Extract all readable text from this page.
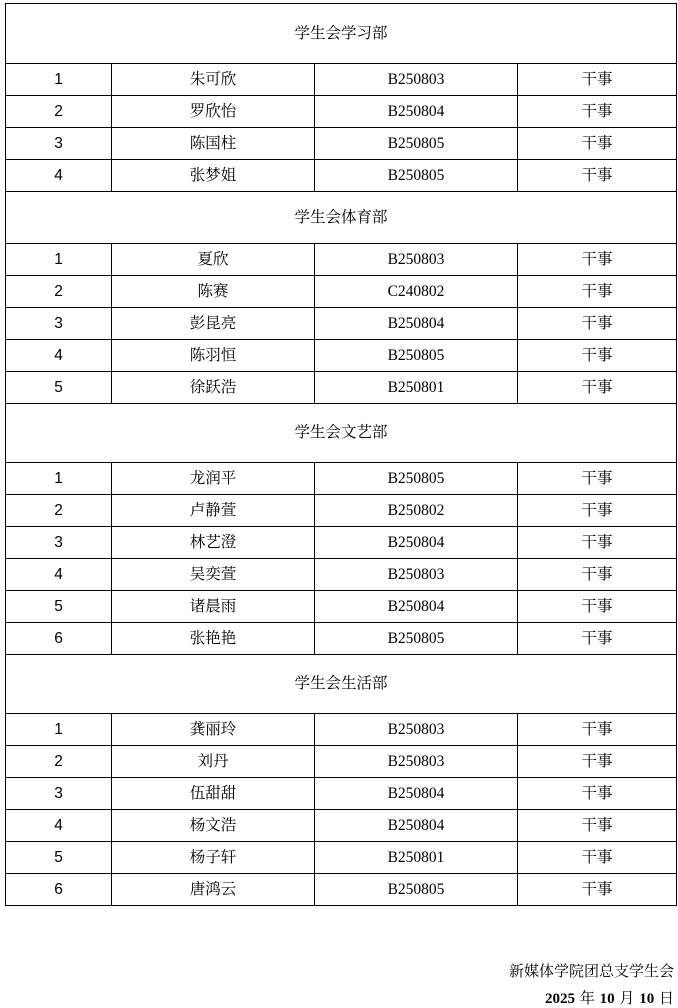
学生会学习部			
1	朱可欣	B250803	干事
2	罗欣怡	B250804	干事
3	陈国柱	B250805	干事
4	张梦姐	B250805	干事
学生会体育部			
1	夏欣	B250803	干事
2	陈赛	C240802	干事
3	彭昆亮	B250804	干事
4	陈羽恒	B250805	干事
5	徐跃浩	B250801	干事
学生会文艺部			
1	龙润平	B250805	干事
2	卢静萱	B250802	干事
3	林艺澄	B250804	干事
4	吴奕萱	B250803	干事
5	诸晨雨	B250804	干事
6	张艳艳	B250805	干事
学生会生活部			
1	龚丽玲	B250803	干事
2	刘丹	B250803	干事
3	伍甜甜	B250804	干事
4	杨文浩	B250804	干事
5	杨子轩	B250801	干事
6	唐鸿云	B250805	干事
新媒体学院团总支学生会
2025 年 10 月 10 日
